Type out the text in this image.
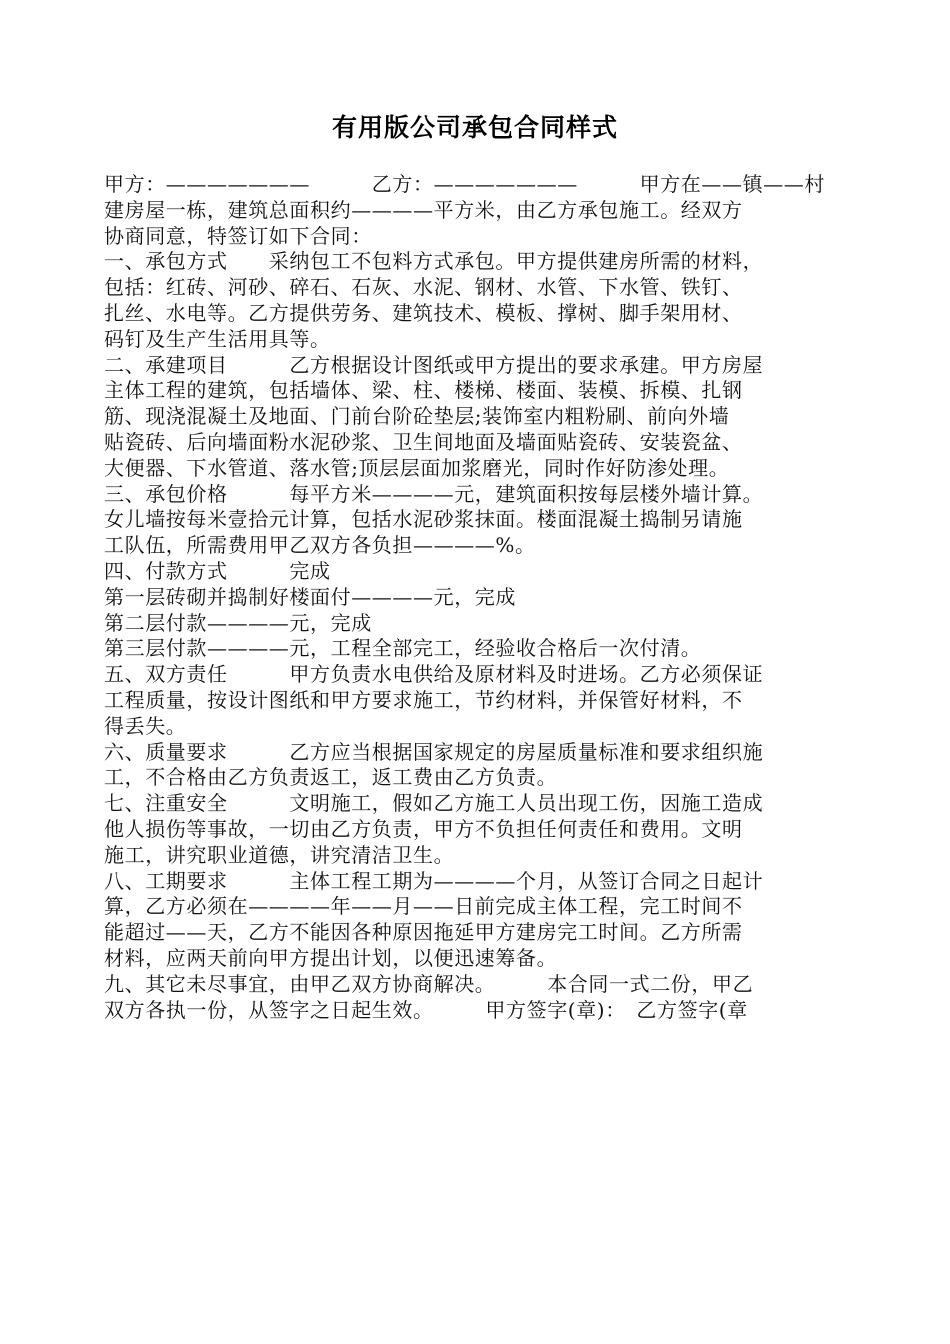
有用版公司承包合同样式
甲方：———————　　　乙方：———————　　　甲方在——镇——村
建房屋一栋，建筑总面积约————平方米，由乙方承包施工。经双方
协商同意，特签订如下合同：
一、承包方式　　采纳包工不包料方式承包。甲方提供建房所需的材料，
包括：红砖、河砂、碎石、石灰、水泥、钢材、水管、下水管、铁钉、
扎丝、水电等。乙方提供劳务、建筑技术、模板、撑树、脚手架用材、
码钉及生产生活用具等。
二、承建项目　　　乙方根据设计图纸或甲方提出的要求承建。甲方房屋
主体工程的建筑，包括墙体、梁、柱、楼梯、楼面、装模、拆模、扎钢
筋、现浇混凝土及地面、门前台阶砼垫层;装饰室内粗粉刷、前向外墙
贴瓷砖、后向墙面粉水泥砂浆、卫生间地面及墙面贴瓷砖、安装瓷盆、
大便器、下水管道、落水管;顶层层面加浆磨光，同时作好防渗处理。
三、承包价格　　　每平方米————元，建筑面积按每层楼外墙计算。
女儿墙按每米壹拾元计算，包括水泥砂浆抹面。楼面混凝土捣制另请施
工队伍，所需费用甲乙双方各负担————%。
四、付款方式　　　完成
第一层砖砌并捣制好楼面付————元，完成
第二层付款————元，完成
第三层付款————元，工程全部完工，经验收合格后一次付清。
五、双方责任　　　甲方负责水电供给及原材料及时进场。乙方必须保证
工程质量，按设计图纸和甲方要求施工，节约材料，并保管好材料，不
得丢失。
六、质量要求　　　乙方应当根据国家规定的房屋质量标准和要求组织施
工，不合格由乙方负责返工，返工费由乙方负责。
七、注重安全　　　文明施工，假如乙方施工人员出现工伤，因施工造成
他人损伤等事故，一切由乙方负责，甲方不负担任何责任和费用。文明
施工，讲究职业道德，讲究清洁卫生。
八、工期要求　　　主体工程工期为————个月，从签订合同之日起计
算，乙方必须在————年——月——日前完成主体工程，完工时间不
能超过——天，乙方不能因各种原因拖延甲方建房完工时间。乙方所需
材料，应两天前向甲方提出计划，以便迅速筹备。
九、其它未尽事宜，由甲乙双方协商解决。　　　本合同一式二份，甲乙
双方各执一份，从签字之日起生效。　　　甲方签字(章)：　乙方签字(章
